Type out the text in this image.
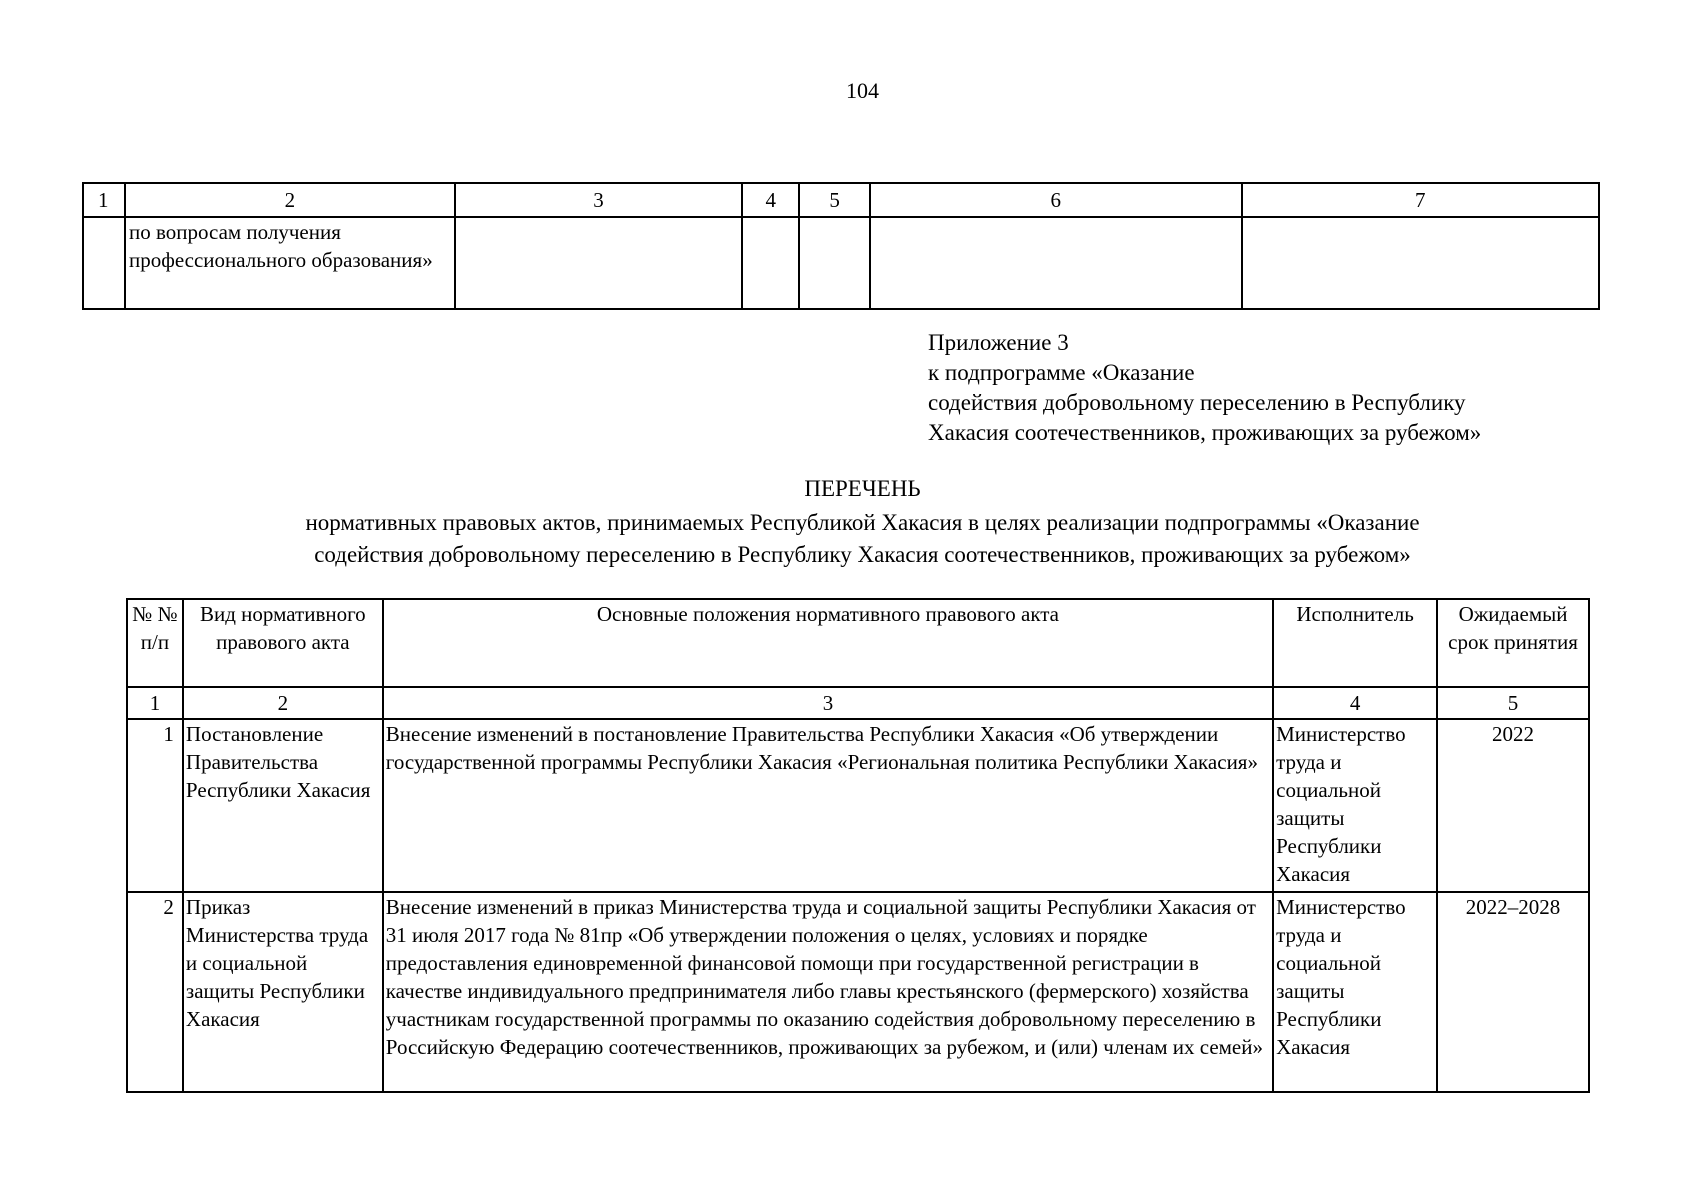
104
1	2	3	4	5	6	7
	по вопросам получения профессионального образования»					
Приложение 3
к подпрограмме «Оказание
содействия добровольному переселению в Республику
Хакасия соотечественников, проживающих за рубежом»
ПЕРЕЧЕНЬ
нормативных правовых актов, принимаемых Республикой Хакасия в целях реализации подпрограммы «Оказание
содействия добровольному переселению в Республику Хакасия соотечественников, проживающих за рубежом»
№ № п/п	Вид нормативного правового акта	Основные положения нормативного правового акта	Исполнитель	Ожидаемый срок принятия
1	2	3	4	5
1	Постановление Правительства Республики Хакасия	Внесение изменений в постановление Правительства Республики Хакасия «Об утверждении государственной программы Республики Хакасия «Региональная политика Республики Хакасия»	Министерство труда и социальной защиты Республики Хакасия	2022
2	Приказ Министерства труда и социальной защиты Республики Хакасия	Внесение изменений в приказ Министерства труда и социальной защиты Республики Хакасия от 31 июля 2017 года № 81пр «Об утверждении положения о целях, условиях и порядке предоставления единовременной финансовой помощи при государственной регистрации в качестве индивидуального предпринимателя либо главы крестьянского (фермерского) хозяйства участникам государственной программы по оказанию содействия добровольному переселению в Российскую Федерацию соотечественников, проживающих за рубежом, и (или) членам их семей»	Министерство труда и социальной защиты Республики Хакасия	2022–2028
